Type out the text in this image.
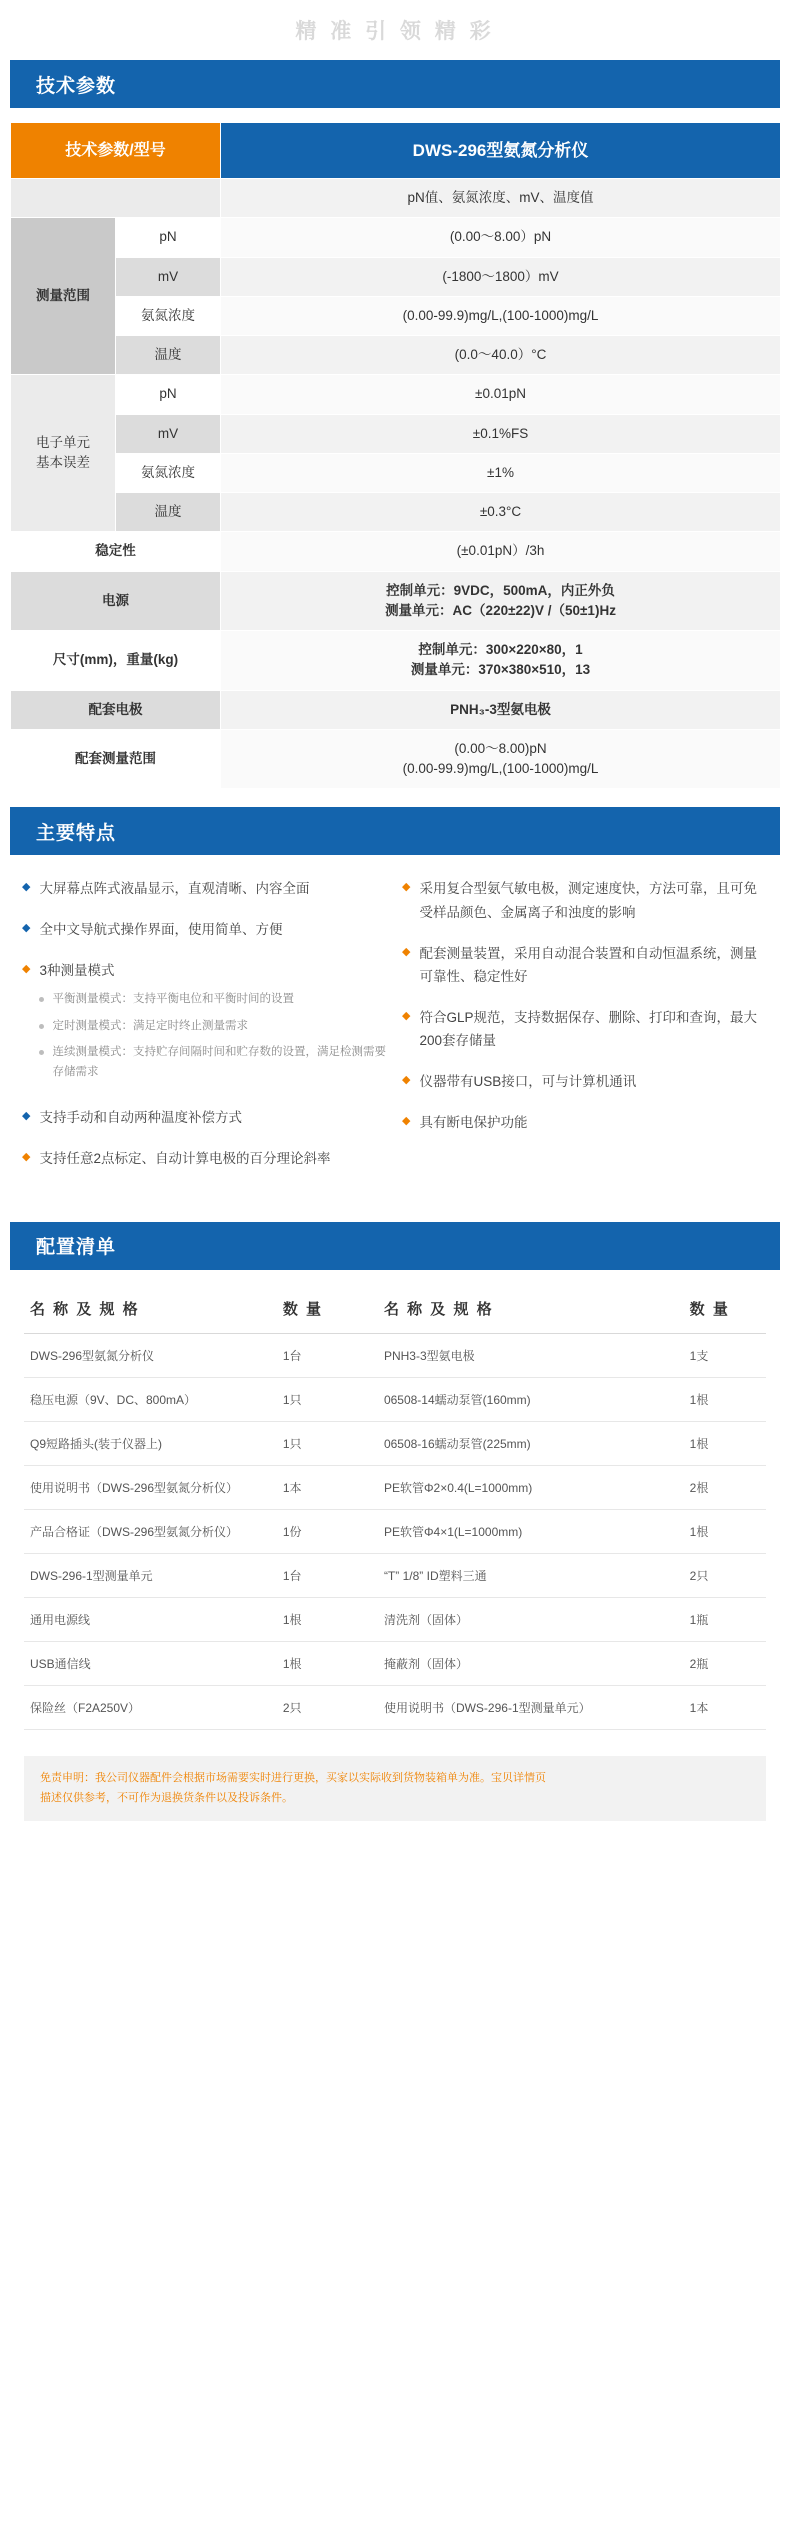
精 准 引 领 精 彩
技术参数
技术参数/型号		DWS-296型氨氮分析仪
		pN值、氨氮浓度、mV、温度值
测量范围	pN	(0.00～8.00）pN
	mV	(-1800～1800）mV
	氨氮浓度	(0.00-99.9)mg/L,(100-1000)mg/L
	温度	(0.0～40.0）°C

电子单元
基本误差	pN	±0.01pN
	mV	±0.1%FS
	氨氮浓度	±1%
	温度	±0.3°C
稳定性		(±0.01pN）/3h
电源		控制单元：9VDC，500mA，内正外负
测量单元：AC（220±22)V /（50±1)Hz

尺寸(mm)，重量(kg)		控制单元：300×220×80，1
测量单元：370×380×510，13

配套电极		PNH₃-3型氨电极
配套测量范围		(0.00～8.00)pN
(0.00-99.9)mg/L,(100-1000)mg/L
主要特点
◆ 大屏幕点阵式液晶显示，直观清晰、内容全面
◆ 全中文导航式操作界面，使用简单、方便
◆ 3种测量模式
平衡测量模式：支持平衡电位和平衡时间的设置
定时测量模式：满足定时终止测量需求
连续测量模式：支持贮存间隔时间和贮存数的设置，满足检测需要存储需求
◆ 支持手动和自动两种温度补偿方式
◆ 支持任意2点标定、自动计算电极的百分理论斜率
◆ 采用复合型氨气敏电极，测定速度快，方法可靠，且可免受样品颜色、金属离子和浊度的影响
◆ 配套测量装置，采用自动混合装置和自动恒温系统，测量可靠性、稳定性好
◆ 符合GLP规范，支持数据保存、删除、打印和查询，最大200套存储量
◆ 仪器带有USB接口，可与计算机通讯
◆ 具有断电保护功能
配置清单
名 称 及 规 格	数 量		名 称 及 规 格	数 量
DWS-296型氨氮分析仪	1台		PNH3-3型氨电极	1支
稳压电源（9V、DC、800mA）	1只		06508-14蠕动泵管(160mm)	1根
Q9短路插头(装于仪器上)	1只		06508-16蠕动泵管(225mm)	1根
使用说明书（DWS-296型氨氮分析仪）	1本		PE软管Φ2×0.4(L=1000mm)	2根
产品合格证（DWS-296型氨氮分析仪）	1份		PE软管Φ4×1(L=1000mm)	1根
DWS-296-1型测量单元	1台		“T” 1/8” ID塑料三通	2只
通用电源线	1根		清洗剂（固体）	1瓶
USB通信线	1根		掩蔽剂（固体）	2瓶
保险丝（F2A250V）	2只		使用说明书（DWS-296-1型测量单元）	1本
免责申明：我公司仪器配件会根据市场需要实时进行更换，买家以实际收到货物装箱单为准。宝贝详情页
描述仅供参考，不可作为退换货条件以及投诉条件。
